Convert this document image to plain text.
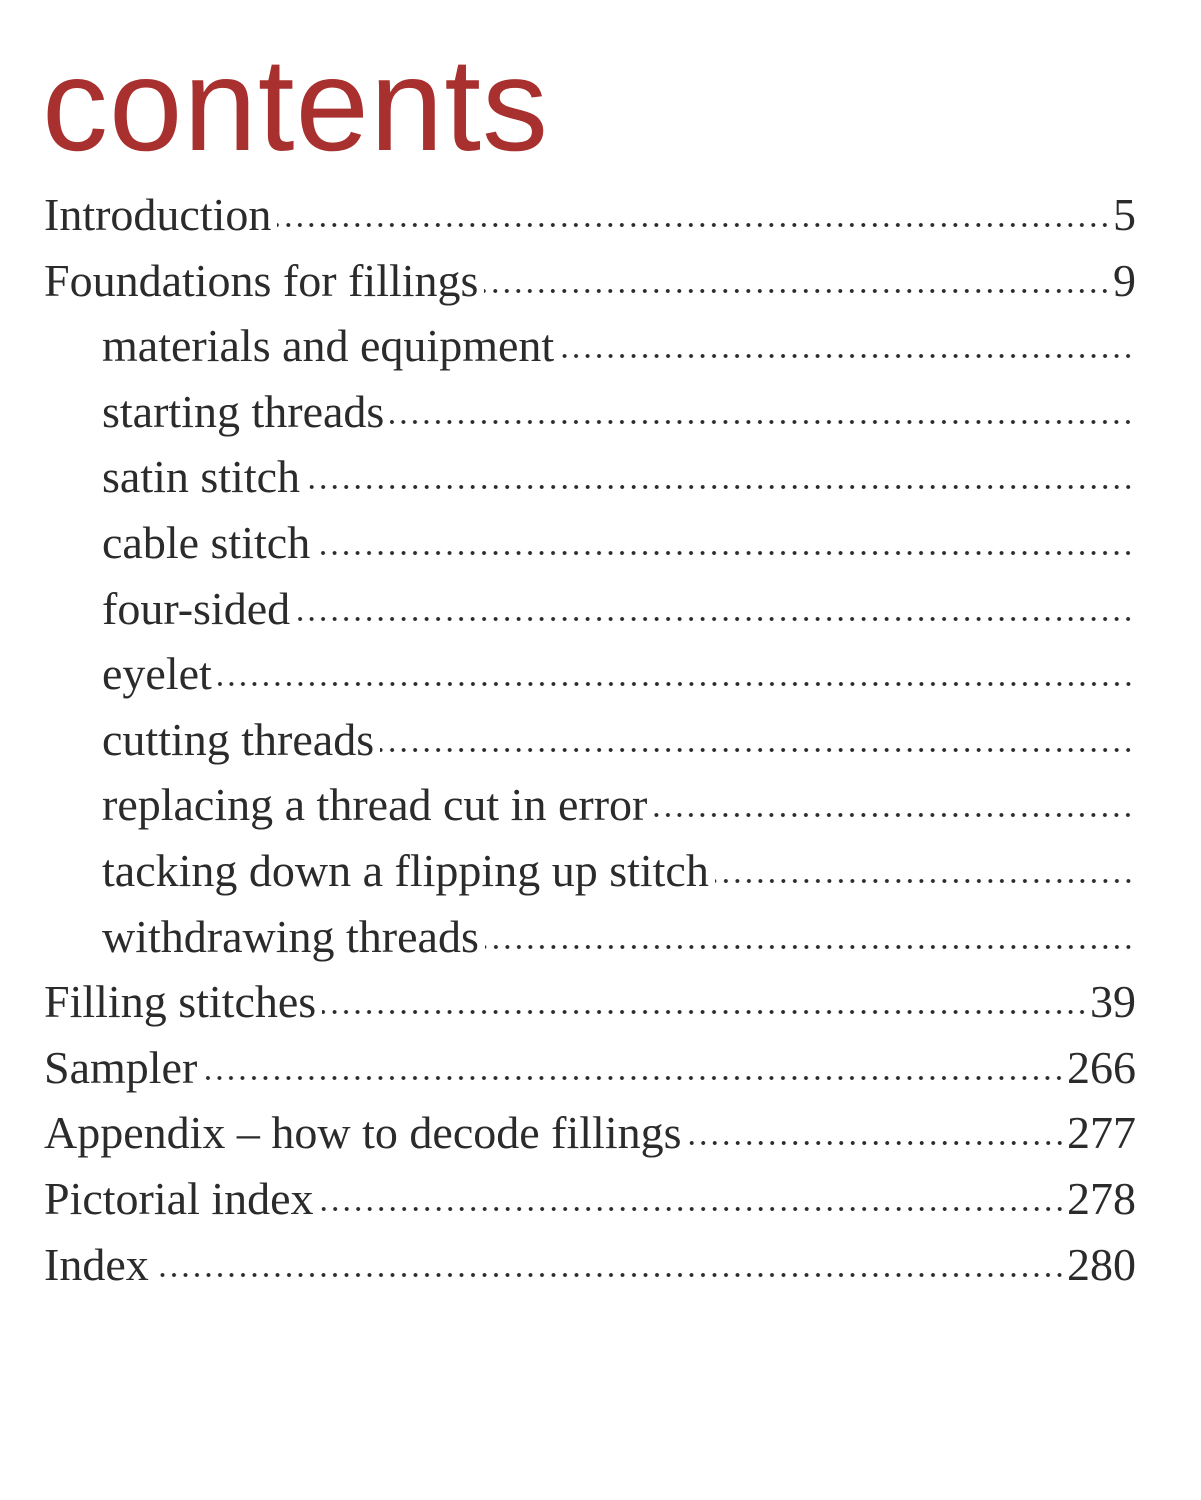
contents
Introduction	5
Foundations for fillings	9
materials and equipment
starting threads
satin stitch
cable stitch
four-sided
eyelet
cutting threads
replacing a thread cut in error
tacking down a flipping up stitch
withdrawing threads
Filling stitches	39
Sampler	266
Appendix – how to decode fillings	277
Pictorial index	278
Index	280
